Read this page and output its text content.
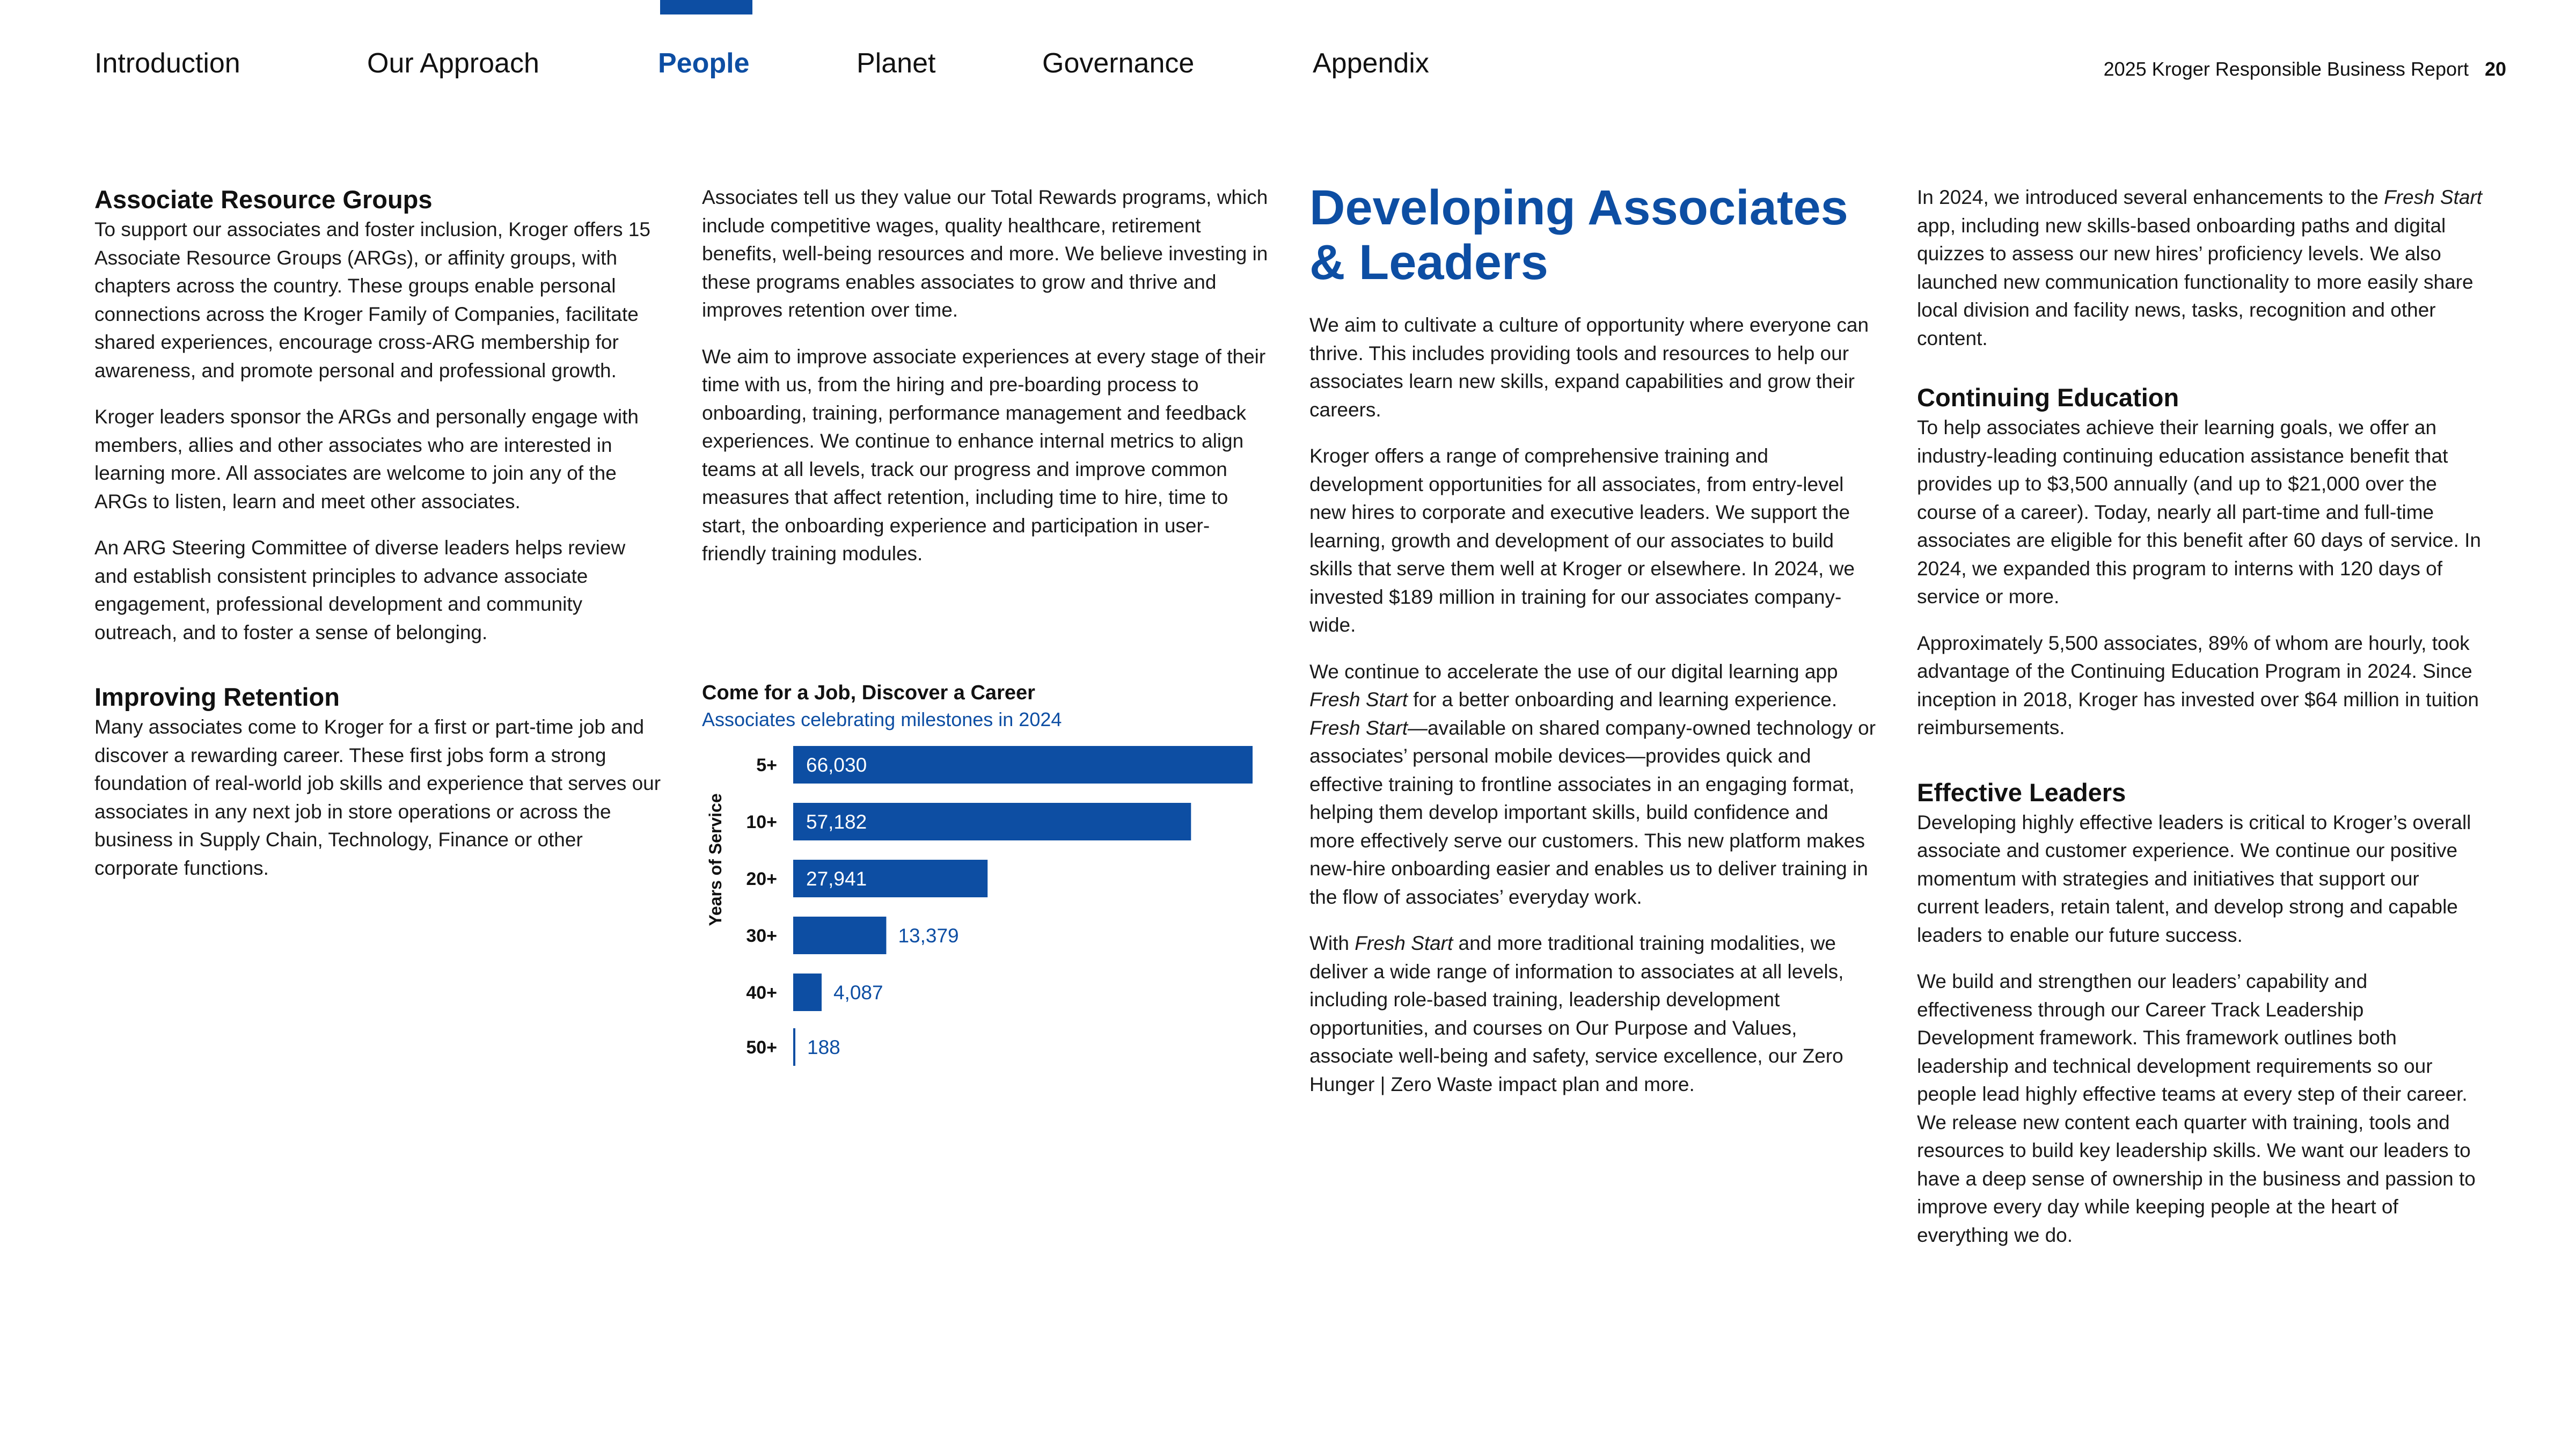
Introduction	Our Approach	People	Planet	Governance	Appendix	2025 Kroger Responsible Business Report 20
Associate Resource Groups

To support our associates and foster inclusion, Kroger offers 15 Associate Resource Groups (ARGs), or affinity groups, with chapters across the country. These groups enable personal connections across the Kroger Family of Companies, facilitate shared experiences, encourage cross-ARG membership for awareness, and promote personal and professional growth.

Kroger leaders sponsor the ARGs and personally engage with members, allies and other associates who are interested in learning more. All associates are welcome to join any of the ARGs to listen, learn and meet other associates.

An ARG Steering Committee of diverse leaders helps review and establish consistent principles to advance associate engagement, professional development and community outreach, and to foster a sense of belonging.

Improving Retention

Many associates come to Kroger for a first or part-time job and discover a rewarding career. These first jobs form a strong foundation of real-world job skills and experience that serves our associates in any next job in store operations or across the business in Supply Chain, Technology, Finance or other corporate functions.

Associates tell us they value our Total Rewards programs, which include competitive wages, quality healthcare, retirement benefits, well-being resources and more. We believe investing in these programs enables associates to grow and thrive and improves retention over time.

We aim to improve associate experiences at every stage of their time with us, from the hiring and pre-boarding process to onboarding, training, performance management and feedback experiences. We continue to enhance internal metrics to align teams at all levels, track our progress and improve common measures that affect retention, including time to hire, time to start, the onboarding experience and participation in user-friendly training modules.

Come for a Job, Discover a Career
Associates celebrating milestones in 2024
Years of Service
5+ 66,030
10+ 57,182
20+ 27,941
30+	13,379
40+	4,087
50+ 188
Developing Associates
& Leaders

We aim to cultivate a culture of opportunity where everyone can thrive. This includes providing tools and resources to help our associates learn new skills, expand capabilities and grow their careers.

Kroger offers a range of comprehensive training and development opportunities for all associates, from entry-level new hires to corporate and executive leaders. We support the learning, growth and development of our associates to build skills that serve them well at Kroger or elsewhere. In 2024, we invested $189 million in training for our associates company-wide.

We continue to accelerate the use of our digital learning app Fresh Start for a better onboarding and learning experience. Fresh Start—available on shared company-owned technology or associates’ personal mobile devices—provides quick and effective training to frontline associates in an engaging format, helping them develop important skills, build confidence and more effectively serve our customers. This new platform makes new-hire onboarding easier and enables us to deliver training in the flow of associates’ everyday work.

With Fresh Start and more traditional training modalities, we deliver a wide range of information to associates at all levels, including role-based training, leadership development opportunities, and courses on Our Purpose and Values, associate well-being and safety, service excellence, our Zero Hunger | Zero Waste impact plan and more.

In 2024, we introduced several enhancements to the Fresh Start app, including new skills-based onboarding paths and digital quizzes to assess our new hires’ proficiency levels. We also launched new communication functionality to more easily share local division and facility news, tasks, recognition and other content.

Continuing Education

To help associates achieve their learning goals, we offer an industry-leading continuing education assistance benefit that provides up to $3,500 annually (and up to $21,000 over the course of a career). Today, nearly all part-time and full-time associates are eligible for this benefit after 60 days of service. In 2024, we expanded this program to interns with 120 days of service or more.

Approximately 5,500 associates, 89% of whom are hourly, took advantage of the Continuing Education Program in 2024. Since inception in 2018, Kroger has invested over $64 million in tuition reimbursements.

Effective Leaders

Developing highly effective leaders is critical to Kroger’s overall associate and customer experience. We continue our positive momentum with strategies and initiatives that support our current leaders, retain talent, and develop strong and capable leaders to enable our future success.

We build and strengthen our leaders’ capability and effectiveness through our Career Track Leadership Development framework. This framework outlines both leadership and technical development requirements so our people lead highly effective teams at every step of their career. We release new content each quarter with training, tools and resources to build key leadership skills. We want our leaders to have a deep sense of ownership in the business and passion to improve every day while keeping people at the heart of everything we do.
